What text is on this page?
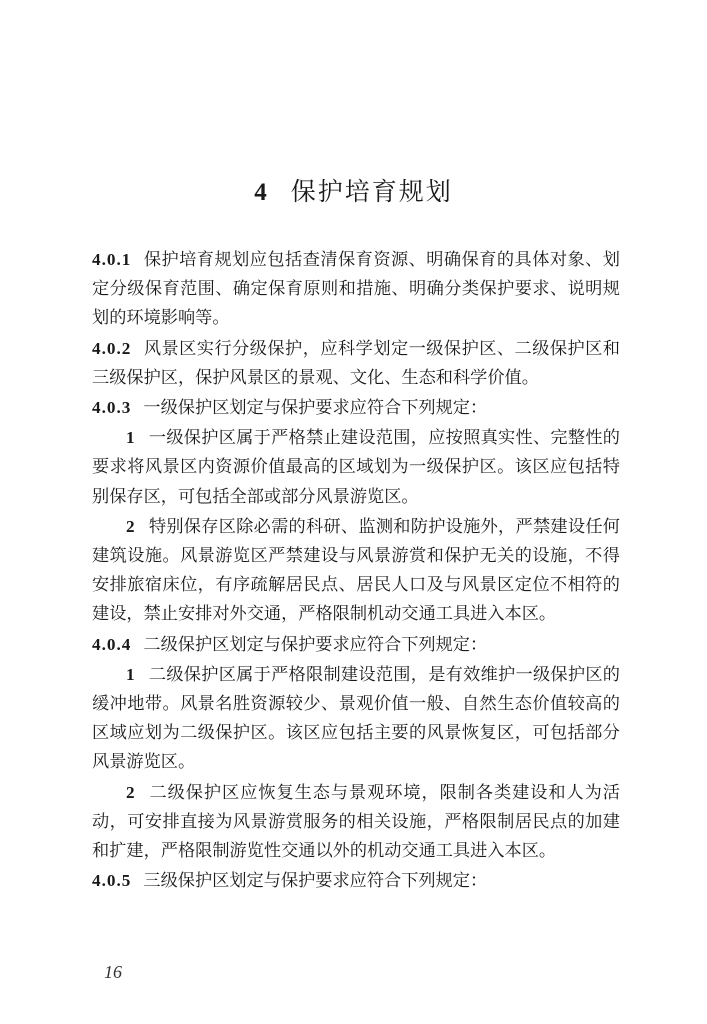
4 保护培育规划

4.0.1 保护培育规划应包括查清保育资源、明确保育的具体对象、划定分级保育范围、确定保育原则和措施、明确分类保护要求、说明规划的环境影响等。

4.0.2 风景区实行分级保护，应科学划定一级保护区、二级保护区和三级保护区，保护风景区的景观、文化、生态和科学价值。

4.0.3 一级保护区划定与保护要求应符合下列规定：

1 一级保护区属于严格禁止建设范围，应按照真实性、完整性的要求将风景区内资源价值最高的区域划为一级保护区。该区应包括特别保存区，可包括全部或部分风景游览区。

2 特别保存区除必需的科研、监测和防护设施外，严禁建设任何建筑设施。风景游览区严禁建设与风景游赏和保护无关的设施，不得安排旅宿床位，有序疏解居民点、居民人口及与风景区定位不相符的建设，禁止安排对外交通，严格限制机动交通工具进入本区。

4.0.4 二级保护区划定与保护要求应符合下列规定：

1 二级保护区属于严格限制建设范围，是有效维护一级保护区的缓冲地带。风景名胜资源较少、景观价值一般、自然生态价值较高的区域应划为二级保护区。该区应包括主要的风景恢复区，可包括部分风景游览区。

2 二级保护区应恢复生态与景观环境，限制各类建设和人为活动，可安排直接为风景游赏服务的相关设施，严格限制居民点的加建和扩建，严格限制游览性交通以外的机动交通工具进入本区。

4.0.5 三级保护区划定与保护要求应符合下列规定：

16
